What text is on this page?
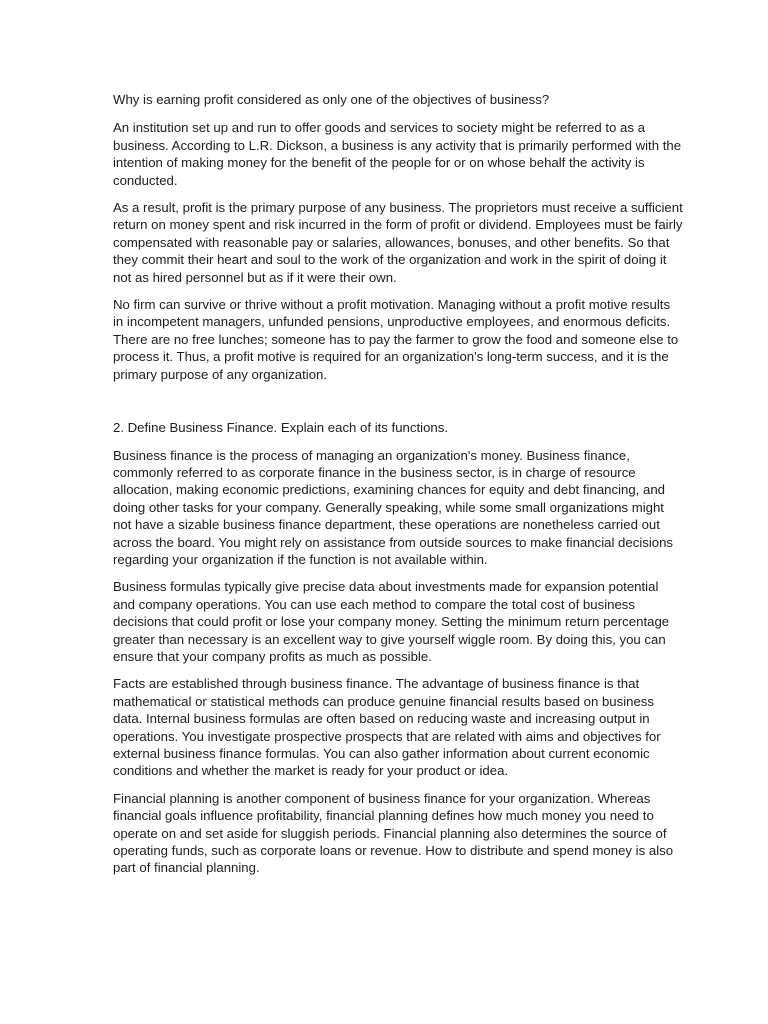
Why is earning profit considered as only one of the objectives of business?

An institution set up and run to offer goods and services to society might be referred to as a business. According to L.R. Dickson, a business is any activity that is primarily performed with the intention of making money for the benefit of the people for or on whose behalf the activity is conducted.

As a result, profit is the primary purpose of any business. The proprietors must receive a sufficient return on money spent and risk incurred in the form of profit or dividend. Employees must be fairly compensated with reasonable pay or salaries, allowances, bonuses, and other benefits. So that they commit their heart and soul to the work of the organization and work in the spirit of doing it not as hired personnel but as if it were their own.

No firm can survive or thrive without a profit motivation. Managing without a profit motive results in incompetent managers, unfunded pensions, unproductive employees, and enormous deficits. There are no free lunches; someone has to pay the farmer to grow the food and someone else to process it. Thus, a profit motive is required for an organization's long-term success, and it is the primary purpose of any organization.

2. Define Business Finance. Explain each of its functions.

Business finance is the process of managing an organization's money. Business finance, commonly referred to as corporate finance in the business sector, is in charge of resource allocation, making economic predictions, examining chances for equity and debt financing, and doing other tasks for your company. Generally speaking, while some small organizations might not have a sizable business finance department, these operations are nonetheless carried out across the board. You might rely on assistance from outside sources to make financial decisions regarding your organization if the function is not available within.

Business formulas typically give precise data about investments made for expansion potential and company operations. You can use each method to compare the total cost of business decisions that could profit or lose your company money. Setting the minimum return percentage greater than necessary is an excellent way to give yourself wiggle room. By doing this, you can ensure that your company profits as much as possible.

Facts are established through business finance. The advantage of business finance is that mathematical or statistical methods can produce genuine financial results based on business data. Internal business formulas are often based on reducing waste and increasing output in operations. You investigate prospective prospects that are related with aims and objectives for external business finance formulas. You can also gather information about current economic conditions and whether the market is ready for your product or idea.

Financial planning is another component of business finance for your organization. Whereas financial goals influence profitability, financial planning defines how much money you need to operate on and set aside for sluggish periods. Financial planning also determines the source of operating funds, such as corporate loans or revenue. How to distribute and spend money is also part of financial planning.
